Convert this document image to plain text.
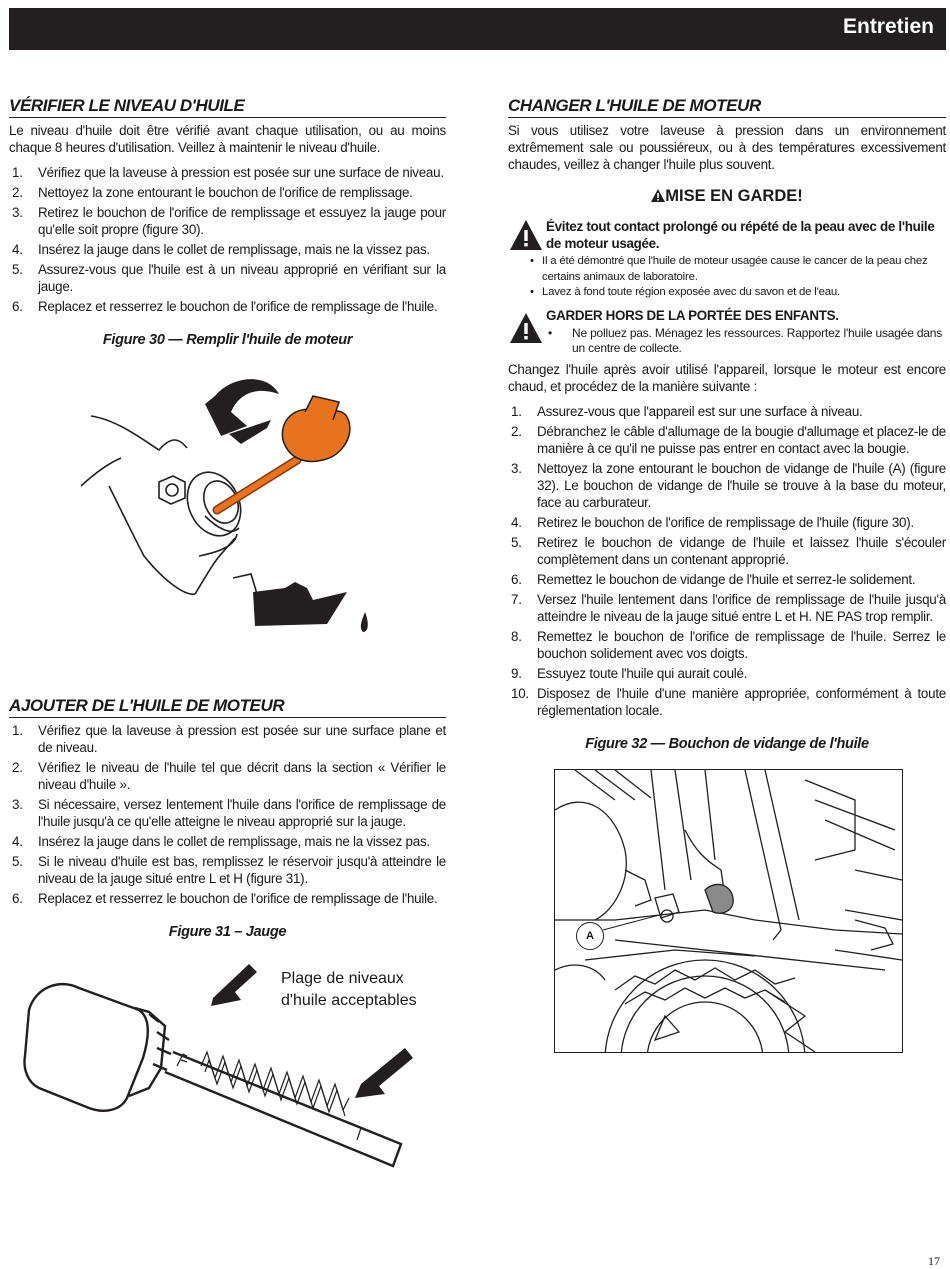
Entretien
VÉRIFIER LE NIVEAU D'HUILE

Le niveau d'huile doit être vérifié avant chaque utilisation, ou au moins chaque 8 heures d'utilisation. Veillez à maintenir le niveau d'huile.

1. Vérifiez que la laveuse à pression est posée sur une surface de niveau.
2. Nettoyez la zone entourant le bouchon de l'orifice de remplissage.
3. Retirez le bouchon de l'orifice de remplissage et essuyez la jauge pour qu'elle soit propre (figure 30).
4. Insérez la jauge dans le collet de remplissage, mais ne la vissez pas.
5. Assurez-vous que l'huile est à un niveau approprié en vérifiant sur la jauge.
6. Replacez et resserrez le bouchon de l'orifice de remplissage de l'huile.
Figure 30 — Remplir l'huile de moteur
AJOUTER DE L'HUILE DE MOTEUR
1. Vérifiez que la laveuse à pression est posée sur une surface plane et de niveau.
2. Vérifiez le niveau de l'huile tel que décrit dans la section « Vérifier le niveau d'huile ».
3. Si nécessaire, versez lentement l'huile dans l'orifice de remplissage de l'huile jusqu'à ce qu'elle atteigne le niveau approprié sur la jauge.
4. Insérez la jauge dans le collet de remplissage, mais ne la vissez pas.
5. Si le niveau d'huile est bas, remplissez le réservoir jusqu'à atteindre le niveau de la jauge situé entre L et H (figure 31).
6. Replacez et resserrez le bouchon de l'orifice de remplissage de l'huile.
Figure 31 – Jauge
Plage de niveaux
d'huile acceptables
CHANGER L'HUILE DE MOTEUR

Si vous utilisez votre laveuse à pression dans un environnement extrêmement sale ou poussiéreux, ou à des températures excessivement chaudes, veillez à changer l'huile plus souvent.

MISE EN GARDE!
Évitez tout contact prolongé ou répété de la peau avec de l'huile de moteur usagée.
• Il a été démontré que l'huile de moteur usagée cause le cancer de la peau chez certains animaux de laboratoire.
• Lavez à fond toute région exposée avec du savon et de l'eau.
GARDER HORS DE LA PORTÉE DES ENFANTS.
• Ne polluez pas. Ménagez les ressources. Rapportez l'huile usagée dans un centre de collecte.

Changez l'huile après avoir utilisé l'appareil, lorsque le moteur est encore chaud, et procédez de la manière suivante :

1. Assurez-vous que l'appareil est sur une surface à niveau.
2. Débranchez le câble d'allumage de la bougie d'allumage et placez-le de manière à ce qu'il ne puisse pas entrer en contact avec la bougie.
3. Nettoyez la zone entourant le bouchon de vidange de l'huile (A) (figure 32). Le bouchon de vidange de l'huile se trouve à la base du moteur, face au carburateur.
4. Retirez le bouchon de l'orifice de remplissage de l'huile (figure 30).
5. Retirez le bouchon de vidange de l'huile et laissez l'huile s'écouler complètement dans un contenant approprié.
6. Remettez le bouchon de vidange de l'huile et serrez-le solidement.
7. Versez l'huile lentement dans l'orifice de remplissage de l'huile jusqu'à atteindre le niveau de la jauge situé entre L et H. NE PAS trop remplir.
8. Remettez le bouchon de l'orifice de remplissage de l'huile. Serrez le bouchon solidement avec vos doigts.
9. Essuyez toute l'huile qui aurait coulé.
10. Disposez de l'huile d'une manière appropriée, conformément à toute réglementation locale.
Figure 32 — Bouchon de vidange de l'huile
A
17
